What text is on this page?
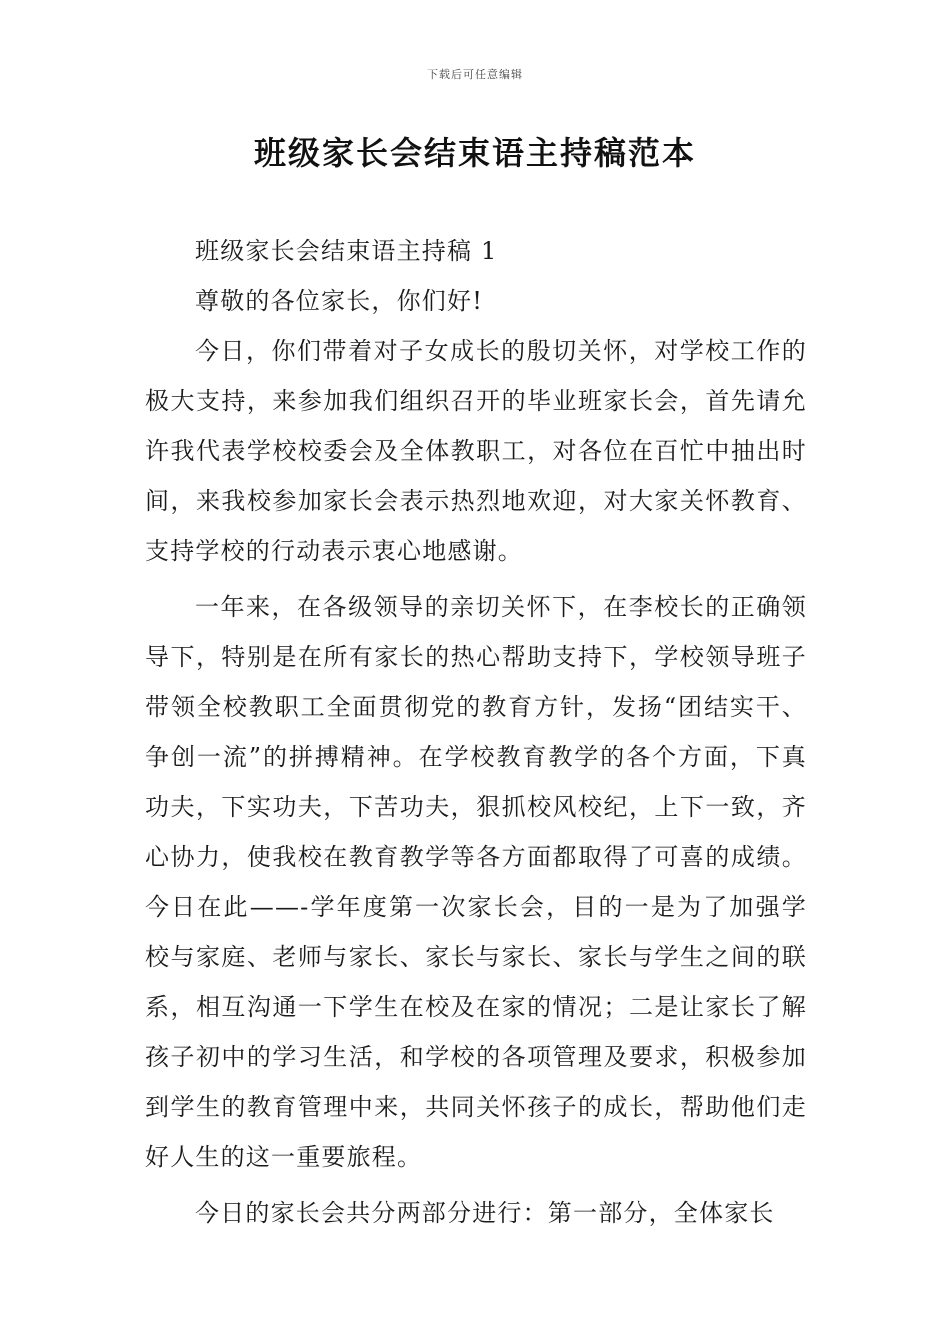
下载后可任意编辑
班级家长会结束语主持稿范本

班级家长会结束语主持稿 1

尊敬的各位家长，你们好!

今日，你们带着对子女成长的殷切关怀，对学校工作的极大支持，来参加我们组织召开的毕业班家长会，首先请允许我代表学校校委会及全体教职工，对各位在百忙中抽出时间，来我校参加家长会表示热烈地欢迎，对大家关怀教育、支持学校的行动表示衷心地感谢。

一年来，在各级领导的亲切关怀下，在李校长的正确领导下，特别是在所有家长的热心帮助支持下，学校领导班子带领全校教职工全面贯彻党的教育方针，发扬“团结实干、争创一流”的拼搏精神。在学校教育教学的各个方面，下真功夫，下实功夫，下苦功夫，狠抓校风校纪，上下一致，齐心协力，使我校在教育教学等各方面都取得了可喜的成绩。今日在此——-学年度第一次家长会，目的一是为了加强学校与家庭、老师与家长、家长与家长、家长与学生之间的联系，相互沟通一下学生在校及在家的情况；二是让家长了解孩子初中的学习生活，和学校的各项管理及要求，积极参加到学生的教育管理中来，共同关怀孩子的成长，帮助他们走好人生的这一重要旅程。

今日的家长会共分两部分进行：第一部分，全体家长
